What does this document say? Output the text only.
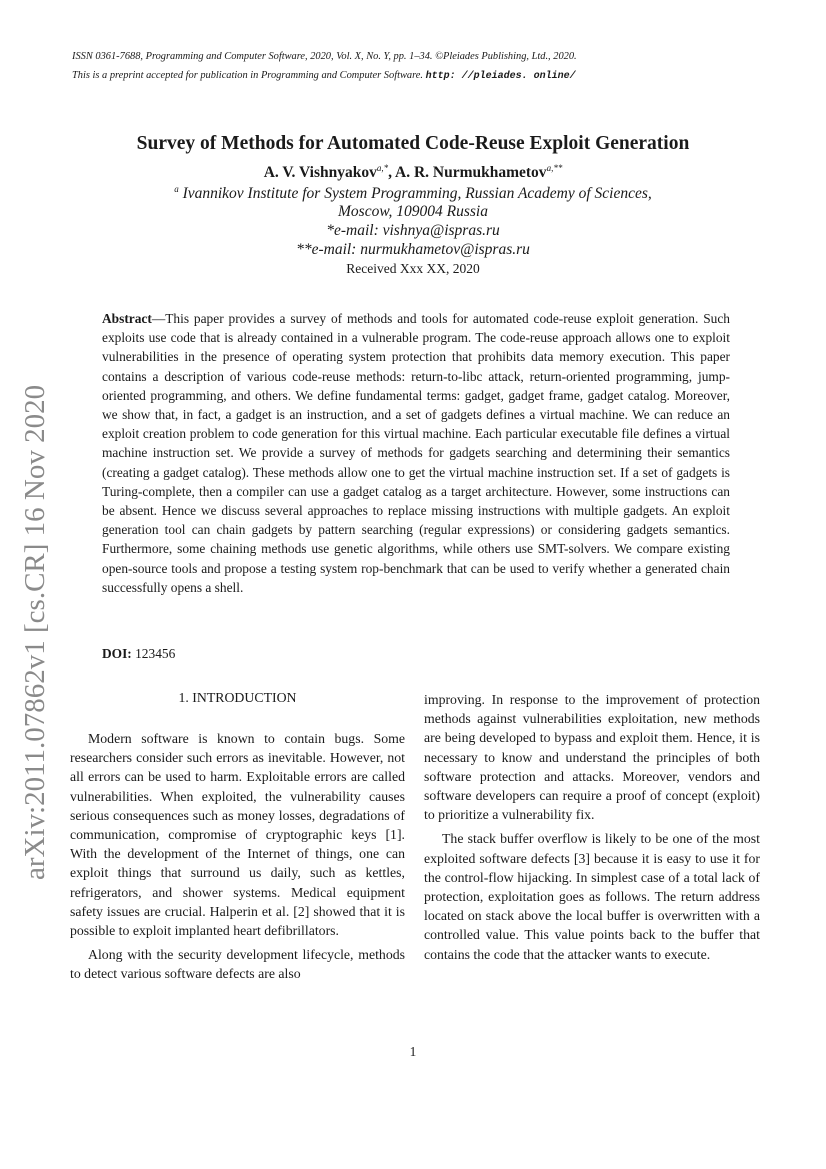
ISSN 0361-7688, Programming and Computer Software, 2020, Vol. X, No. Y, pp. 1–34. ©Pleiades Publishing, Ltd., 2020.
This is a preprint accepted for publication in Programming and Computer Software. http: //pleiades. online/
arXiv:2011.07862v1 [cs.CR] 16 Nov 2020
Survey of Methods for Automated Code-Reuse Exploit Generation
A. V. Vishnyakov$^{a,*}$, A. R. Nurmukhametov$^{a,**}$
$^a$ Ivannikov Institute for System Programming, Russian Academy of Sciences,
Moscow, 109004 Russia
*e-mail: vishnya@ispras.ru
**e-mail: nurmukhametov@ispras.ru
Received Xxx XX, 2020
Abstract—This paper provides a survey of methods and tools for automated code-reuse exploit generation. Such exploits use code that is already contained in a vulnerable program. The code-reuse approach allows one to exploit vulnerabilities in the presence of operating system protection that prohibits data memory execution. This paper contains a description of various code-reuse methods: return-to-libc attack, return-oriented programming, jump-oriented programming, and others. We define fundamental terms: gadget, gadget frame, gadget catalog. Moreover, we show that, in fact, a gadget is an instruction, and a set of gadgets defines a virtual machine. We can reduce an exploit creation problem to code generation for this virtual machine. Each particular executable file defines a virtual machine instruction set. We provide a survey of methods for gadgets searching and determining their semantics (creating a gadget catalog). These methods allow one to get the virtual machine instruction set. If a set of gadgets is Turing-complete, then a compiler can use a gadget catalog as a target architecture. However, some instructions can be absent. Hence we discuss several approaches to replace missing instructions with multiple gadgets. An exploit generation tool can chain gadgets by pattern searching (regular expressions) or considering gadgets semantics. Furthermore, some chaining methods use genetic algorithms, while others use SMT-solvers. We compare existing open-source tools and propose a testing system rop-benchmark that can be used to verify whether a generated chain successfully opens a shell.
DOI: 123456
1. INTRODUCTION

Modern software is known to contain bugs. Some researchers consider such errors as inevitable. However, not all errors can be used to harm. Exploitable errors are called vulnerabilities. When exploited, the vulnerability causes serious consequences such as money losses, degradations of communication, compromise of cryptographic keys [1]. With the development of the Internet of things, one can exploit things that surround us daily, such as kettles, refrigerators, and shower systems. Medical equipment safety issues are crucial. Halperin et al. [2] showed that it is possible to exploit implanted heart defibrillators.

Along with the security development lifecycle, methods to detect various software defects are also

improving. In response to the improvement of protection methods against vulnerabilities exploitation, new methods are being developed to bypass and exploit them. Hence, it is necessary to know and understand the principles of both software protection and attacks. Moreover, vendors and software developers can require a proof of concept (exploit) to prioritize a vulnerability fix.

The stack buffer overflow is likely to be one of the most exploited software defects [3] because it is easy to use it for the control-flow hijacking. In simplest case of a total lack of protection, exploitation goes as follows. The return address located on stack above the local buffer is overwritten with a controlled value. This value points back to the buffer that contains the code that the attacker wants to execute.

1
